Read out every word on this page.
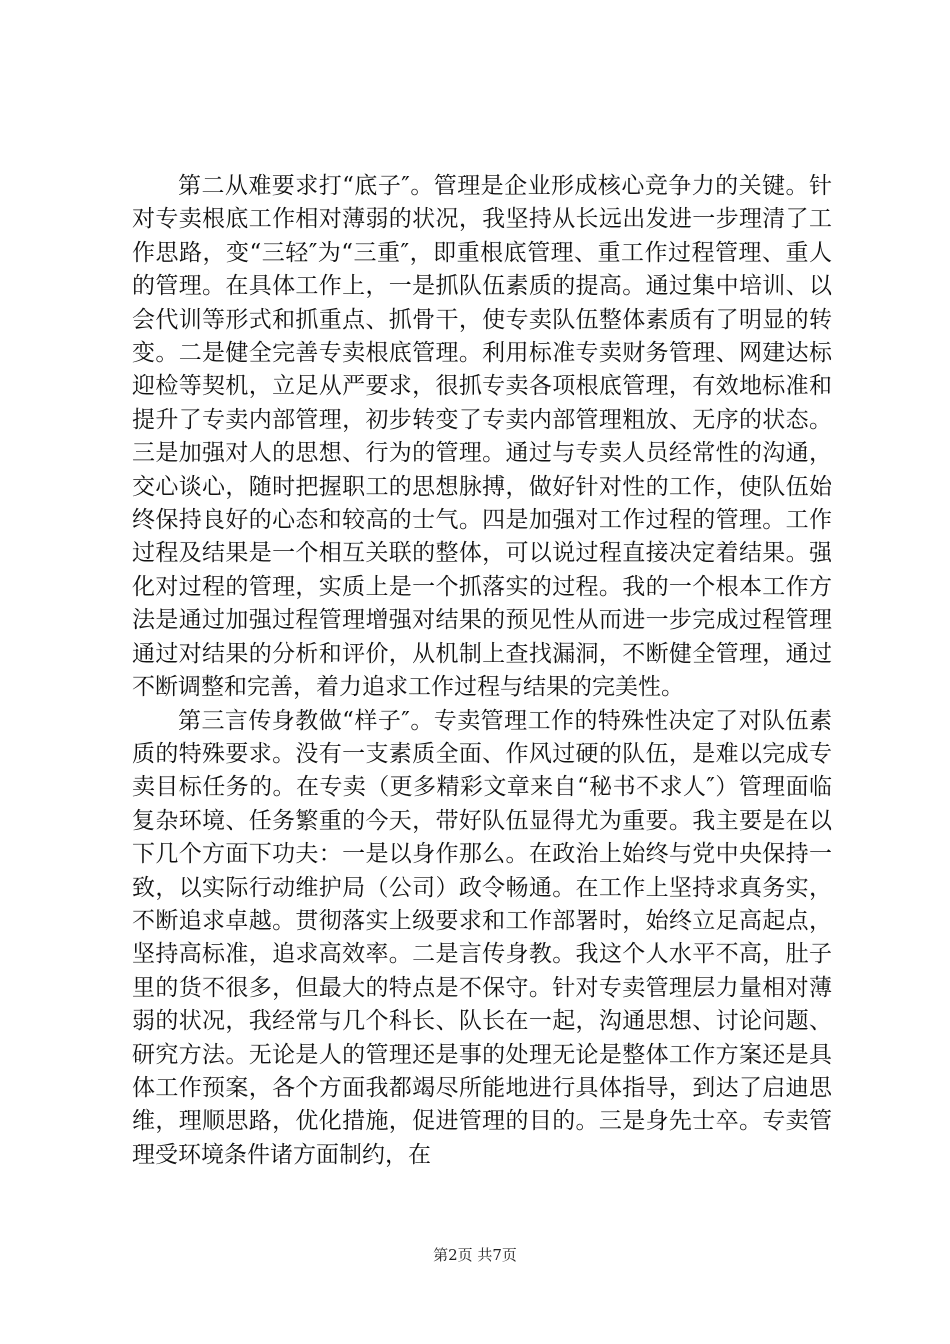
第二从难要求打“底子″。管理是企业形成核心竞争力的关键。针对专卖根底工作相对薄弱的状况，我坚持从长远出发进一步理清了工作思路，变“三轻″为“三重″，即重根底管理、重工作过程管理、重人的管理。在具体工作上，一是抓队伍素质的提高。通过集中培训、以会代训等形式和抓重点、抓骨干，使专卖队伍整体素质有了明显的转变。二是健全完善专卖根底管理。利用标准专卖财务管理、网建达标迎检等契机，立足从严要求，很抓专卖各项根底管理，有效地标准和提升了专卖内部管理，初步转变了专卖内部管理粗放、无序的状态。三是加强对人的思想、行为的管理。通过与专卖人员经常性的沟通，交心谈心，随时把握职工的思想脉搏，做好针对性的工作，使队伍始终保持良好的心态和较高的士气。四是加强对工作过程的管理。工作过程及结果是一个相互关联的整体，可以说过程直接决定着结果。强化对过程的管理，实质上是一个抓落实的过程。我的一个根本工作方法是通过加强过程管理增强对结果的预见性从而进一步完成过程管理通过对结果的分析和评价，从机制上查找漏洞，不断健全管理，通过不断调整和完善，着力追求工作过程与结果的完美性。

第三言传身教做“样子″。专卖管理工作的特殊性决定了对队伍素质的特殊要求。没有一支素质全面、作风过硬的队伍，是难以完成专卖目标任务的。在专卖（更多精彩文章来自“秘书不求人″）管理面临复杂环境、任务繁重的今天，带好队伍显得尤为重要。我主要是在以下几个方面下功夫：一是以身作那么。在政治上始终与党中央保持一致，以实际行动维护局（公司）政令畅通。在工作上坚持求真务实，不断追求卓越。贯彻落实上级要求和工作部署时，始终立足高起点，坚持高标准，追求高效率。二是言传身教。我这个人水平不高，肚子里的货不很多，但最大的特点是不保守。针对专卖管理层力量相对薄弱的状况，我经常与几个科长、队长在一起，沟通思想、讨论问题、研究方法。无论是人的管理还是事的处理无论是整体工作方案还是具体工作预案，各个方面我都竭尽所能地进行具体指导，到达了启迪思维，理顺思路，优化措施，促进管理的目的。三是身先士卒。专卖管理受环境条件诸方面制约，在

第2页 共7页
